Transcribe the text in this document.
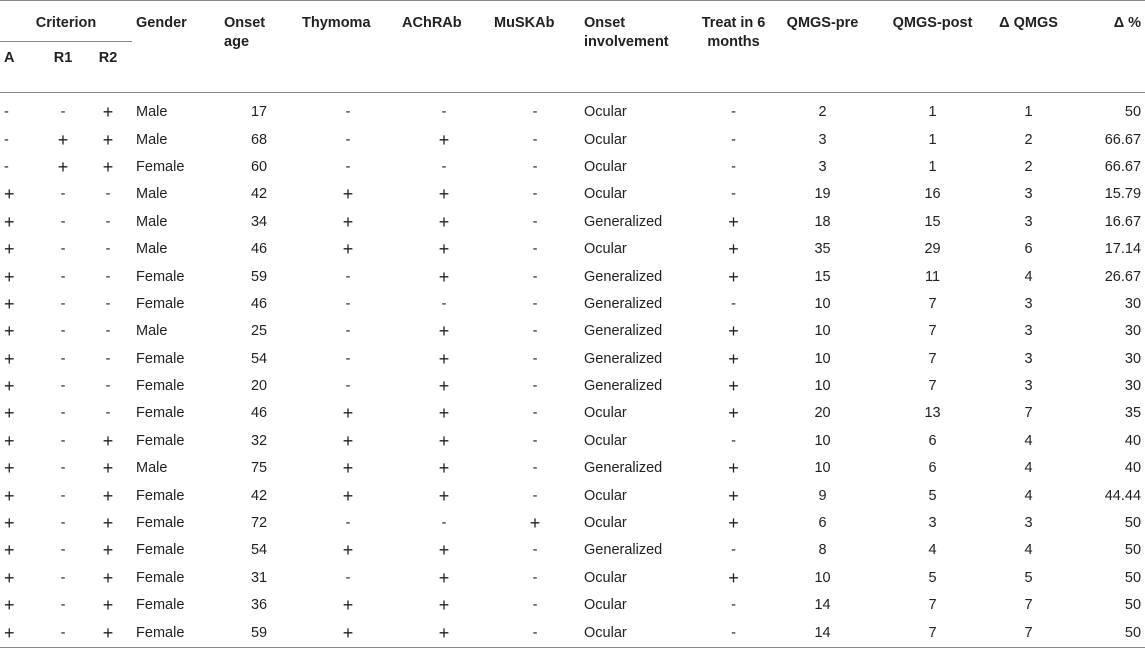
Criterion			Gender	Onset age	Thymoma	AChRAb	MuSKAb	Onset involvement	Treat in 6 months	QMGS-pre	QMGS-post	Δ QMGS	Δ %
A	R1	R2											
-	-	+	Male	17	-	-	-	Ocular	-	2	1	1	50
-	+	+	Male	68	-	+	-	Ocular	-	3	1	2	66.67
-	+	+	Female	60	-	-	-	Ocular	-	3	1	2	66.67
+	-	-	Male	42	+	+	-	Ocular	-	19	16	3	15.79
+	-	-	Male	34	+	+	-	Generalized	+	18	15	3	16.67
+	-	-	Male	46	+	+	-	Ocular	+	35	29	6	17.14
+	-	-	Female	59	-	+	-	Generalized	+	15	11	4	26.67
+	-	-	Female	46	-	-	-	Generalized	-	10	7	3	30
+	-	-	Male	25	-	+	-	Generalized	+	10	7	3	30
+	-	-	Female	54	-	+	-	Generalized	+	10	7	3	30
+	-	-	Female	20	-	+	-	Generalized	+	10	7	3	30
+	-	-	Female	46	+	+	-	Ocular	+	20	13	7	35
+	-	+	Female	32	+	+	-	Ocular	-	10	6	4	40
+	-	+	Male	75	+	+	-	Generalized	+	10	6	4	40
+	-	+	Female	42	+	+	-	Ocular	+	9	5	4	44.44
+	-	+	Female	72	-	-	+	Ocular	+	6	3	3	50
+	-	+	Female	54	+	+	-	Generalized	-	8	4	4	50
+	-	+	Female	31	-	+	-	Ocular	+	10	5	5	50
+	-	+	Female	36	+	+	-	Ocular	-	14	7	7	50
+	-	+	Female	59	+	+	-	Ocular	-	14	7	7	50
